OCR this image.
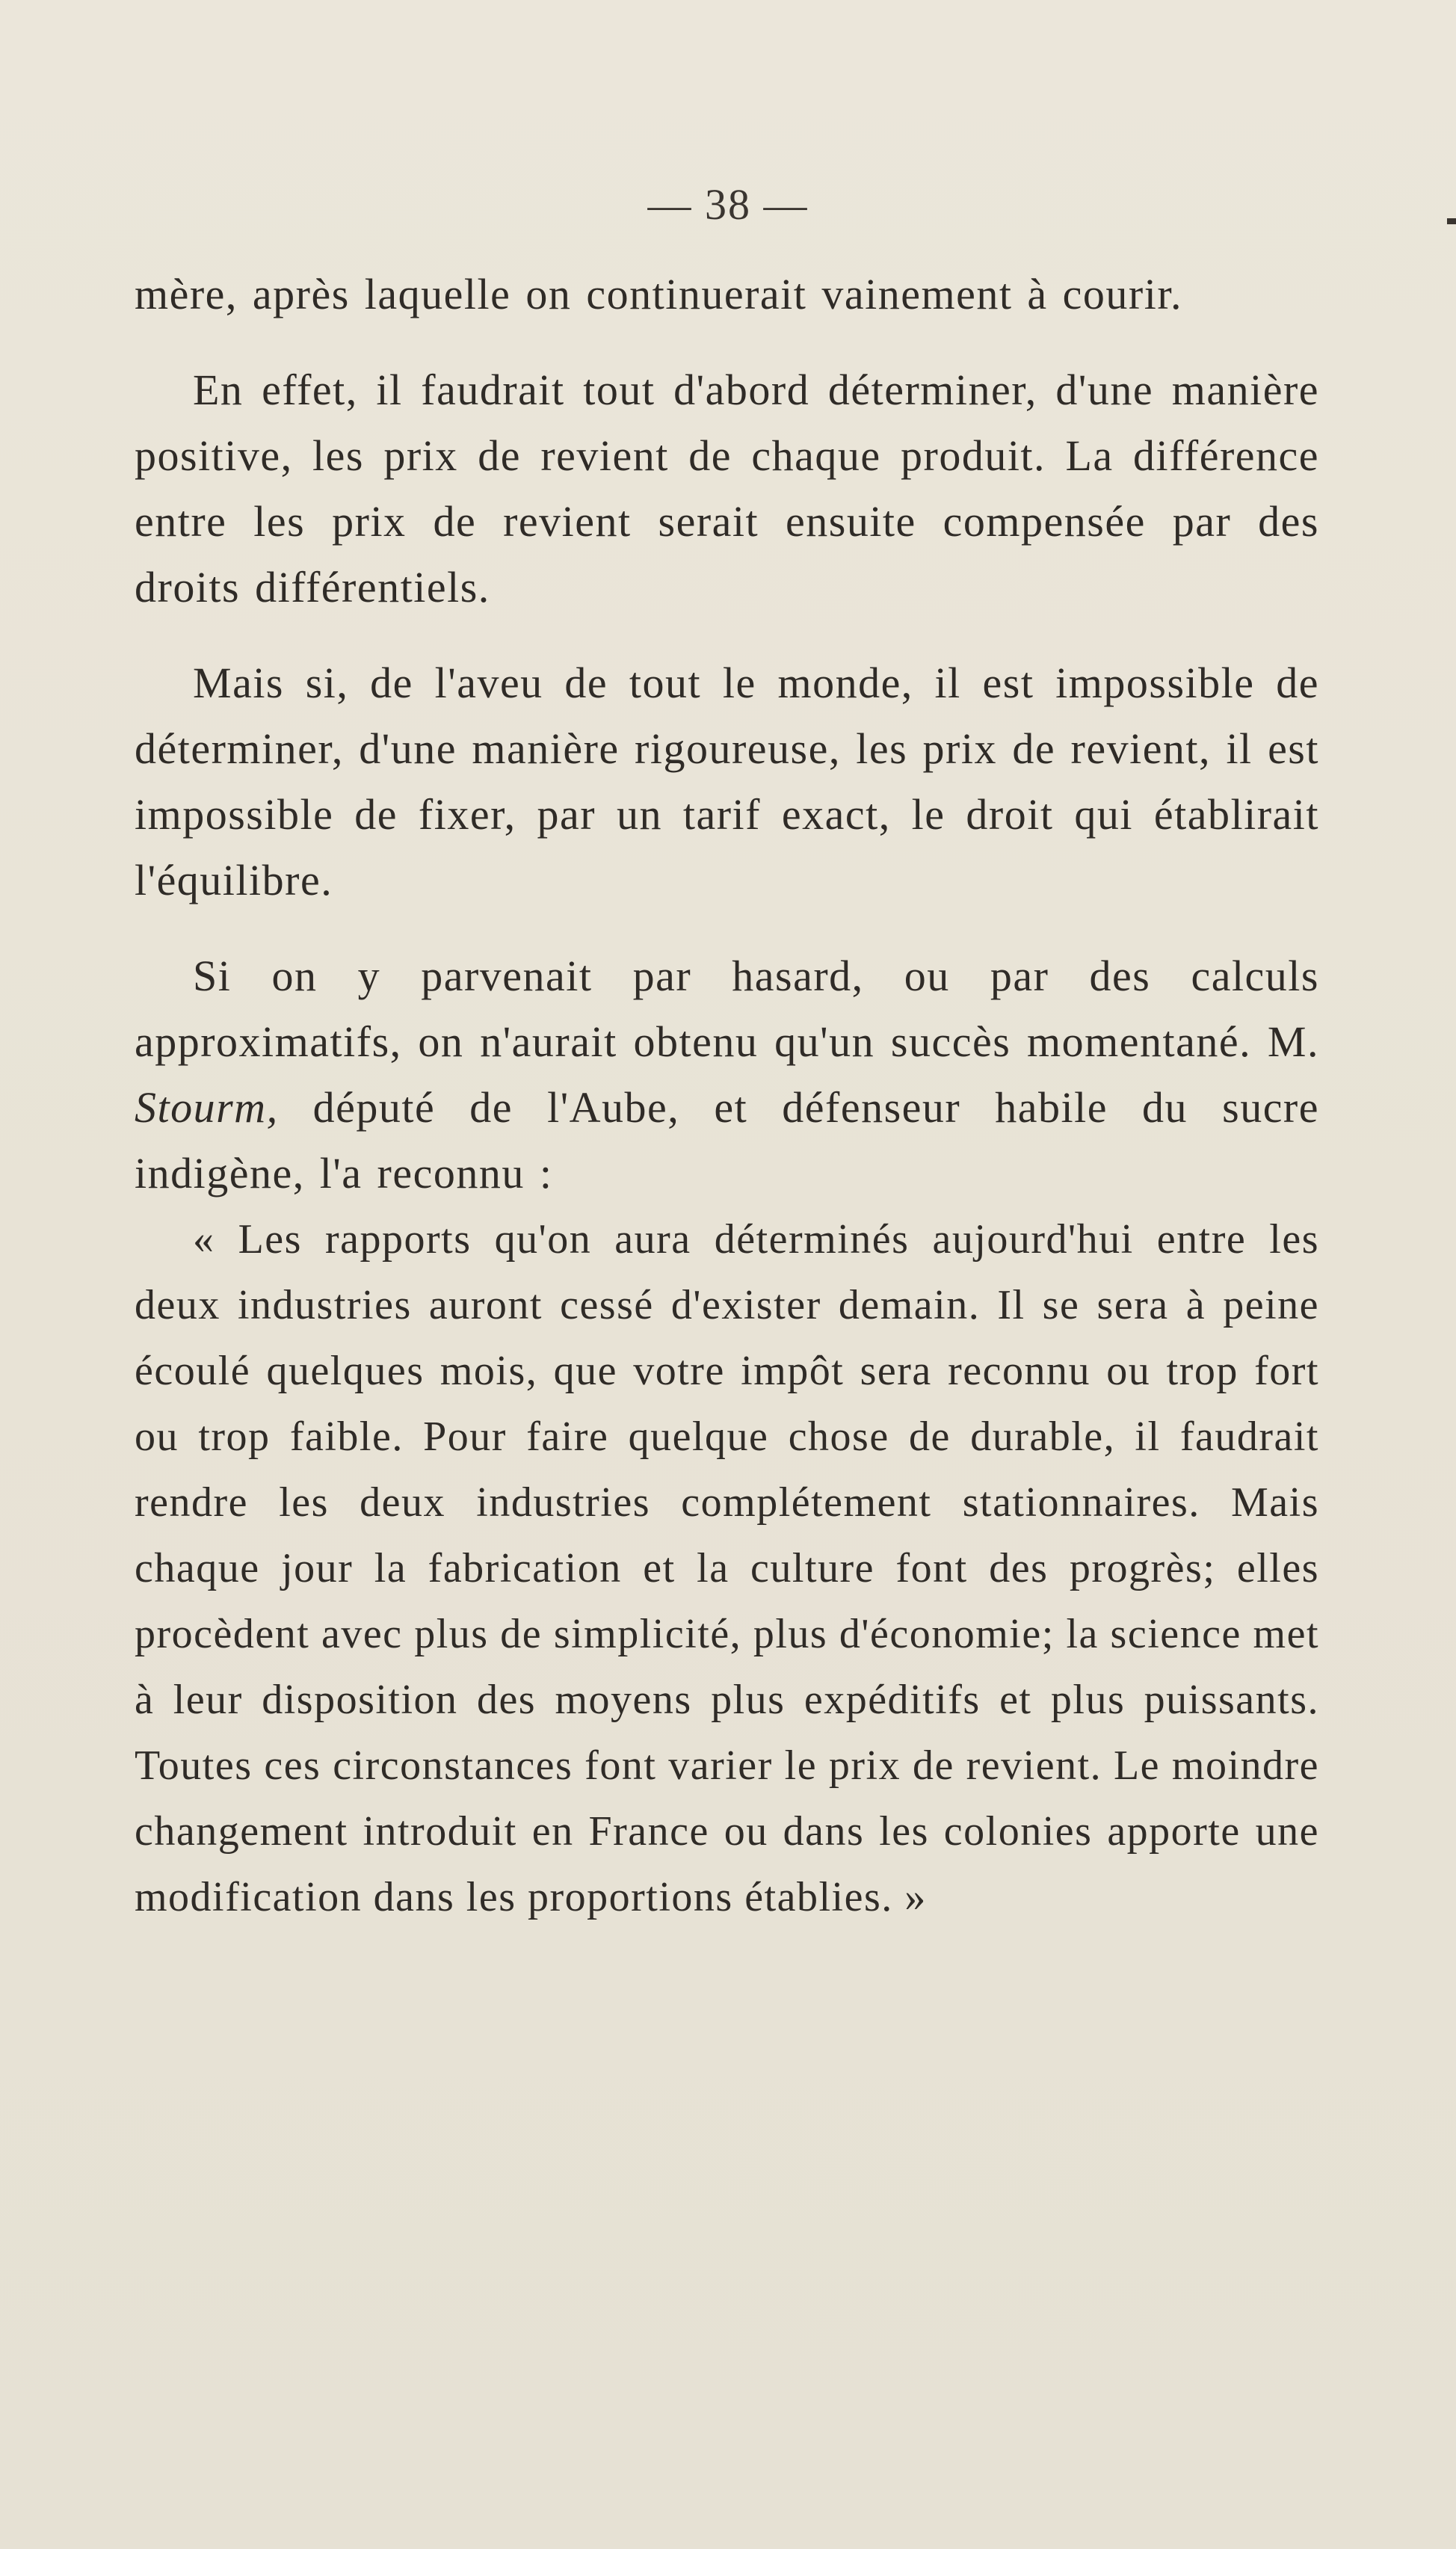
— 38 —

mère, après laquelle on continuerait vainement à courir.

En effet, il faudrait tout d'abord déterminer, d'une manière positive, les prix de revient de chaque produit. La différence entre les prix de revient serait ensuite compensée par des droits différentiels.

Mais si, de l'aveu de tout le monde, il est impossible de déterminer, d'une manière rigoureuse, les prix de revient, il est impossible de fixer, par un tarif exact, le droit qui établirait l'équilibre.

Si on y parvenait par hasard, ou par des calculs approximatifs, on n'aurait obtenu qu'un succès momentané. M. Stourm, député de l'Aube, et défenseur habile du sucre indigène, l'a reconnu :

« Les rapports qu'on aura déterminés aujourd'hui entre les deux industries auront cessé d'exister demain. Il se sera à peine écoulé quelques mois, que votre impôt sera reconnu ou trop fort ou trop faible. Pour faire quelque chose de durable, il faudrait rendre les deux industries complétement stationnaires. Mais chaque jour la fabrication et la culture font des progrès; elles procèdent avec plus de simplicité, plus d'économie; la science met à leur disposition des moyens plus expéditifs et plus puissants. Toutes ces circonstances font varier le prix de revient. Le moindre changement introduit en France ou dans les colonies apporte une modification dans les proportions établies. »
